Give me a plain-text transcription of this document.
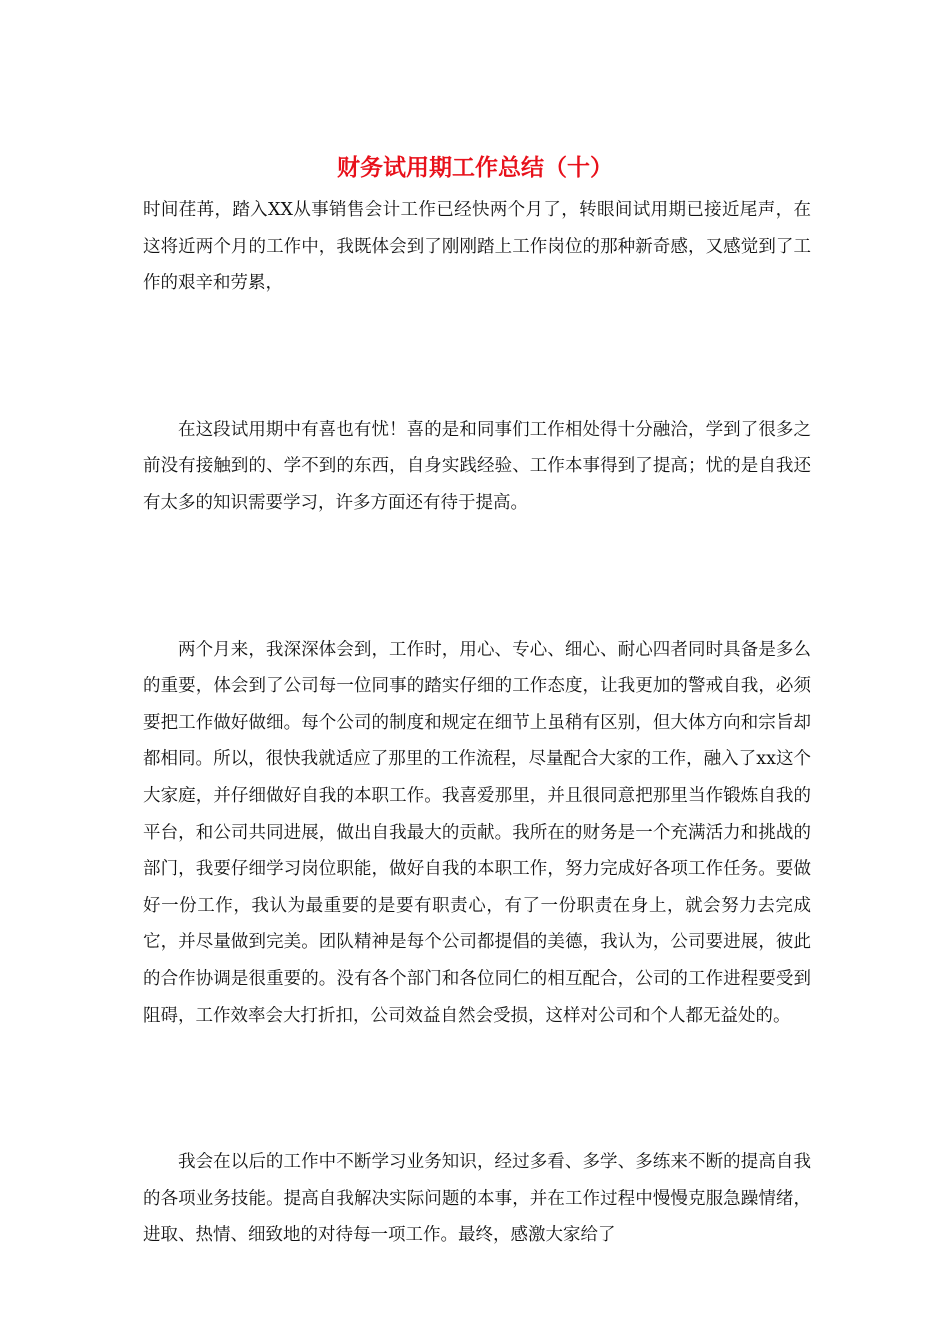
财务试用期工作总结（十）

时间荏苒，踏入XX从事销售会计工作已经快两个月了，转眼间试用期已接近尾声，在这将近两个月的工作中，我既体会到了刚刚踏上工作岗位的那种新奇感，又感觉到了工作的艰辛和劳累，

在这段试用期中有喜也有忧！喜的是和同事们工作相处得十分融洽，学到了很多之前没有接触到的、学不到的东西，自身实践经验、工作本事得到了提高；忧的是自我还有太多的知识需要学习，许多方面还有待于提高。

两个月来，我深深体会到，工作时，用心、专心、细心、耐心四者同时具备是多么的重要，体会到了公司每一位同事的踏实仔细的工作态度，让我更加的警戒自我，必须要把工作做好做细。每个公司的制度和规定在细节上虽稍有区别，但大体方向和宗旨却都相同。所以，很快我就适应了那里的工作流程，尽量配合大家的工作，融入了xx这个大家庭，并仔细做好自我的本职工作。我喜爱那里，并且很同意把那里当作锻炼自我的平台，和公司共同进展，做出自我最大的贡献。我所在的财务是一个充满活力和挑战的部门，我要仔细学习岗位职能，做好自我的本职工作，努力完成好各项工作任务。要做好一份工作，我认为最重要的是要有职责心，有了一份职责在身上，就会努力去完成它，并尽量做到完美。团队精神是每个公司都提倡的美德，我认为，公司要进展，彼此的合作协调是很重要的。没有各个部门和各位同仁的相互配合，公司的工作进程要受到阻碍，工作效率会大打折扣，公司效益自然会受损，这样对公司和个人都无益处的。

我会在以后的工作中不断学习业务知识，经过多看、多学、多练来不断的提高自我的各项业务技能。提高自我解决实际问题的本事，并在工作过程中慢慢克服急躁情绪，进取、热情、细致地的对待每一项工作。最终，感激大家给了
